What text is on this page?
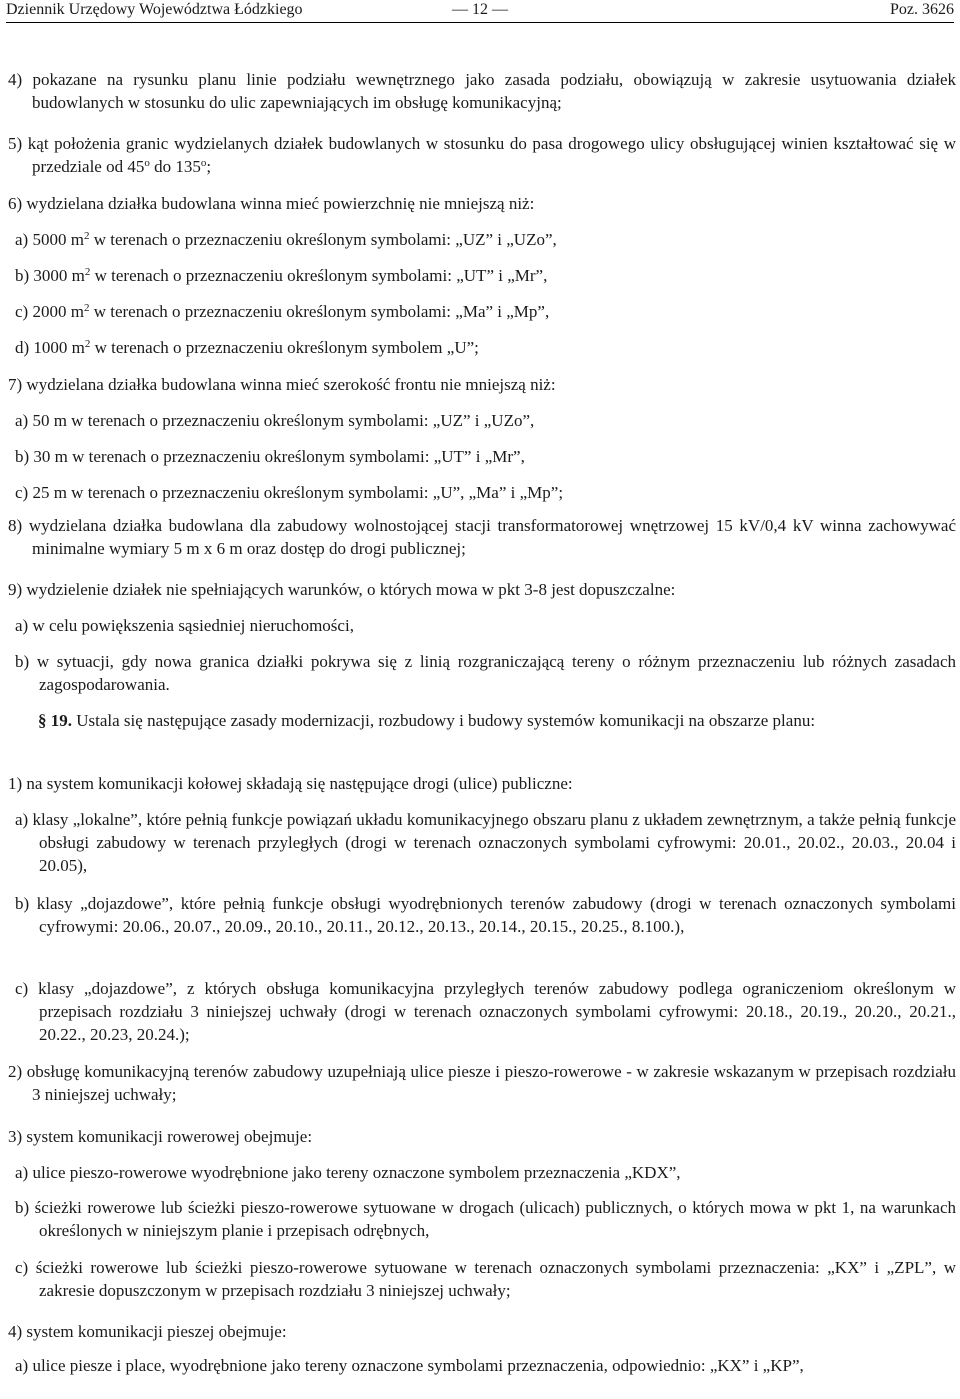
Dziennik Urzędowy Województwa Łódzkiego	— 12 —	Poz. 3626
4) pokazane na rysunku planu linie podziału wewnętrznego jako zasada podziału, obowiązują w zakresie usytuowania działek budowlanych w stosunku do ulic zapewniających im obsługę komunikacyjną;
5) kąt położenia granic wydzielanych działek budowlanych w stosunku do pasa drogowego ulicy obsługującej winien kształtować się w przedziale od 45$^o$ do 135$^o$;
6) wydzielana działka budowlana winna mieć powierzchnię nie mniejszą niż:
a) 5000 $m^2$ w terenach o przeznaczeniu określonym symbolami: „UZ” i „UZo”,
b) 3000 $m^2$ w terenach o przeznaczeniu określonym symbolami: „UT” i „Mr”,
c) 2000 $m^2$ w terenach o przeznaczeniu określonym symbolami: „Ma” i „Mp”,
d) 1000 $m^2$ w terenach o przeznaczeniu określonym symbolem „U”;
7) wydzielana działka budowlana winna mieć szerokość frontu nie mniejszą niż:
a) 50 m w terenach o przeznaczeniu określonym symbolami: „UZ” i „UZo”,
b) 30 m w terenach o przeznaczeniu określonym symbolami: „UT” i „Mr”,
c) 25 m w terenach o przeznaczeniu określonym symbolami: „U”, „Ma” i „Mp”;
8) wydzielana działka budowlana dla zabudowy wolnostojącej stacji transformatorowej wnętrzowej 15 kV/0,4 kV winna zachowywać minimalne wymiary 5 m x 6 m oraz dostęp do drogi publicznej;
9) wydzielenie działek nie spełniających warunków, o których mowa w pkt 3-8 jest dopuszczalne:
a) w celu powiększenia sąsiedniej nieruchomości,
b) w sytuacji, gdy nowa granica działki pokrywa się z linią rozgraniczającą tereny o różnym przeznaczeniu lub różnych zasadach zagospodarowania.
§ 19. Ustala się następujące zasady modernizacji, rozbudowy i budowy systemów komunikacji na obszarze planu:
1) na system komunikacji kołowej składają się następujące drogi (ulice) publiczne:
a) klasy „lokalne”, które pełnią funkcje powiązań układu komunikacyjnego obszaru planu z układem zewnętrznym, a także pełnią funkcje obsługi zabudowy w terenach przyległych (drogi w terenach oznaczonych symbolami cyfrowymi: 20.01., 20.02., 20.03., 20.04 i 20.05),
b) klasy „dojazdowe”, które pełnią funkcje obsługi wyodrębnionych terenów zabudowy (drogi w terenach oznaczonych symbolami cyfrowymi: 20.06., 20.07., 20.09., 20.10., 20.11., 20.12., 20.13., 20.14., 20.15., 20.25., 8.100.),
c) klasy „dojazdowe”, z których obsługa komunikacyjna przyległych terenów zabudowy podlega ograniczeniom określonym w przepisach rozdziału 3 niniejszej uchwały (drogi w terenach oznaczonych symbolami cyfrowymi: 20.18., 20.19., 20.20., 20.21., 20.22., 20.23, 20.24.);
2) obsługę komunikacyjną terenów zabudowy uzupełniają ulice piesze i pieszo-rowerowe - w zakresie wskazanym w przepisach rozdziału 3 niniejszej uchwały;
3) system komunikacji rowerowej obejmuje:
a) ulice pieszo-rowerowe wyodrębnione jako tereny oznaczone symbolem przeznaczenia „KDX”,
b) ścieżki rowerowe lub ścieżki pieszo-rowerowe sytuowane w drogach (ulicach) publicznych, o których mowa w pkt 1, na warunkach określonych w niniejszym planie i przepisach odrębnych,
c) ścieżki rowerowe lub ścieżki pieszo-rowerowe sytuowane w terenach oznaczonych symbolami przeznaczenia: „KX” i „ZPL”, w zakresie dopuszczonym w przepisach rozdziału 3 niniejszej uchwały;
4) system komunikacji pieszej obejmuje:
a) ulice piesze i place, wyodrębnione jako tereny oznaczone symbolami przeznaczenia, odpowiednio: „KX” i „KP”,
